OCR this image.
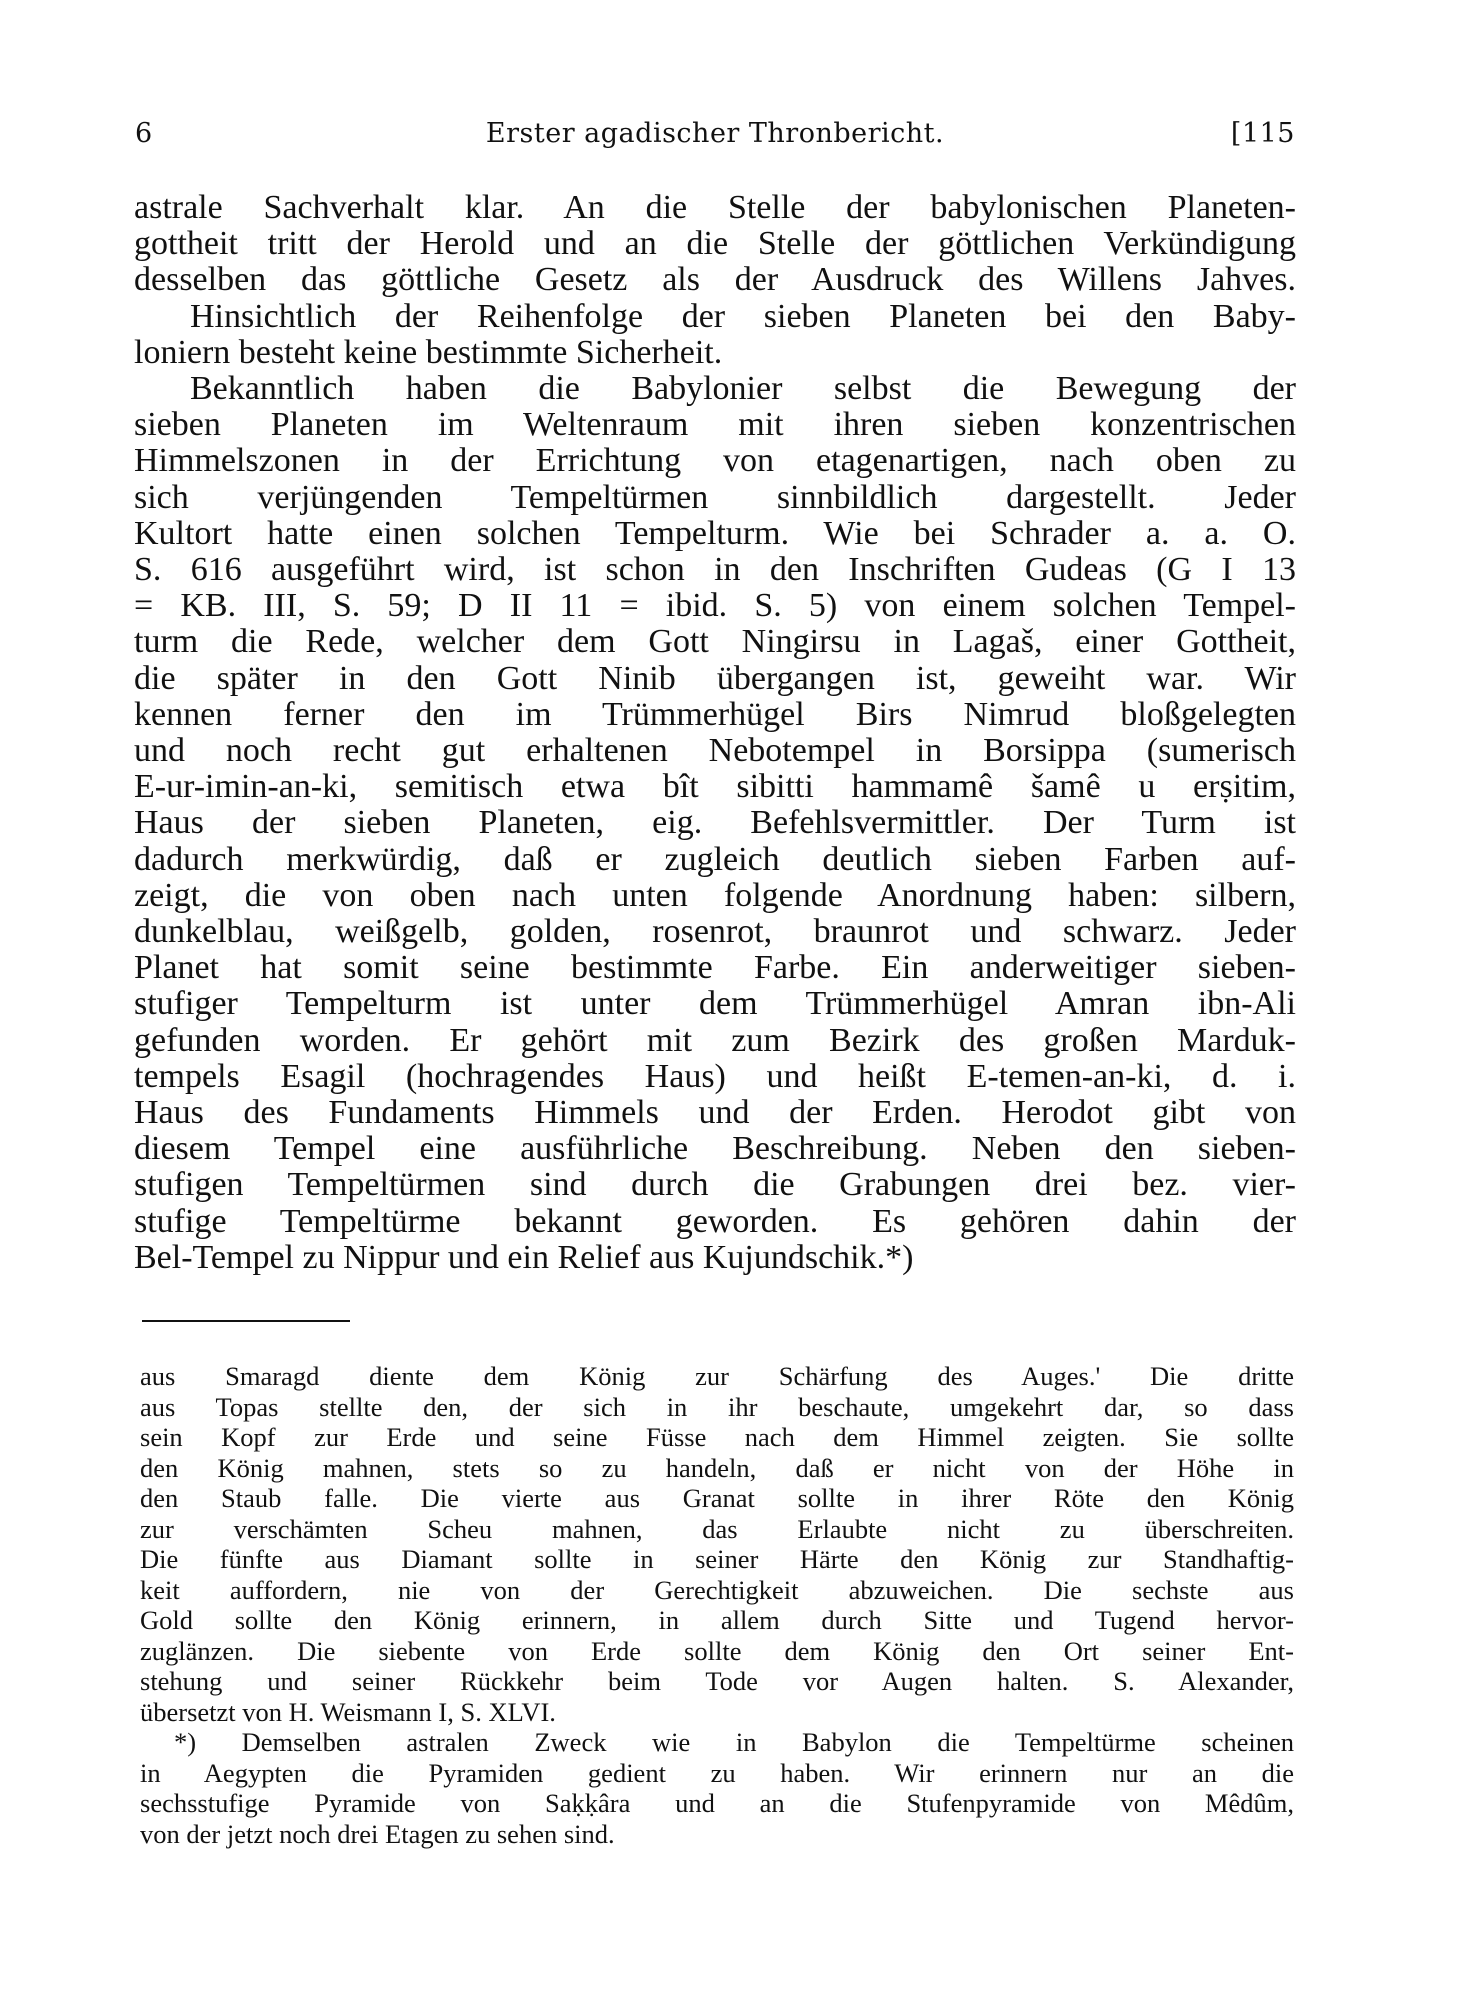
6	Erster agadischer Thronbericht.	[115
astrale Sachverhalt klar. An die Stelle der babylonischen Planeten-
gottheit tritt der Herold und an die Stelle der göttlichen Verkündigung
desselben das göttliche Gesetz als der Ausdruck des Willens Jahves.
Hinsichtlich der Reihenfolge der sieben Planeten bei den Baby-
loniern besteht keine bestimmte Sicherheit.
Bekanntlich haben die Babylonier selbst die Bewegung der
sieben Planeten im Weltenraum mit ihren sieben konzentrischen
Himmelszonen in der Errichtung von etagenartigen, nach oben zu
sich verjüngenden Tempeltürmen sinnbildlich dargestellt. Jeder
Kultort hatte einen solchen Tempelturm. Wie bei Schrader a. a. O.
S. 616 ausgeführt wird, ist schon in den Inschriften Gudeas (G I 13
= KB. III, S. 59; D II 11 = ibid. S. 5) von einem solchen Tempel-
turm die Rede, welcher dem Gott Ningirsu in Lagaš, einer Gottheit,
die später in den Gott Ninib übergangen ist, geweiht war. Wir
kennen ferner den im Trümmerhügel Birs Nimrud bloßgelegten
und noch recht gut erhaltenen Nebotempel in Borsippa (sumerisch
E-ur-imin-an-ki, semitisch etwa bît sibitti hammamê šamê u erṣitim,
Haus der sieben Planeten, eig. Befehlsvermittler. Der Turm ist
dadurch merkwürdig, daß er zugleich deutlich sieben Farben auf-
zeigt, die von oben nach unten folgende Anordnung haben: silbern,
dunkelblau, weißgelb, golden, rosenrot, braunrot und schwarz. Jeder
Planet hat somit seine bestimmte Farbe. Ein anderweitiger sieben-
stufiger Tempelturm ist unter dem Trümmerhügel Amran ibn-Ali
gefunden worden. Er gehört mit zum Bezirk des großen Marduk-
tempels Esagil (hochragendes Haus) und heißt E-temen-an-ki, d. i.
Haus des Fundaments Himmels und der Erden. Herodot gibt von
diesem Tempel eine ausführliche Beschreibung. Neben den sieben-
stufigen Tempeltürmen sind durch die Grabungen drei bez. vier-
stufige Tempeltürme bekannt geworden. Es gehören dahin der
Bel-Tempel zu Nippur und ein Relief aus Kujundschik.*)
aus Smaragd diente dem König zur Schärfung des Auges.' Die dritte
aus Topas stellte den, der sich in ihr beschaute, umgekehrt dar, so dass
sein Kopf zur Erde und seine Füsse nach dem Himmel zeigten. Sie sollte
den König mahnen, stets so zu handeln, daß er nicht von der Höhe in
den Staub falle. Die vierte aus Granat sollte in ihrer Röte den König
zur verschämten Scheu mahnen, das Erlaubte nicht zu überschreiten.
Die fünfte aus Diamant sollte in seiner Härte den König zur Standhaftig-
keit auffordern, nie von der Gerechtigkeit abzuweichen. Die sechste aus
Gold sollte den König erinnern, in allem durch Sitte und Tugend hervor-
zuglänzen. Die siebente von Erde sollte dem König den Ort seiner Ent-
stehung und seiner Rückkehr beim Tode vor Augen halten. S. Alexander,
übersetzt von H. Weismann I, S. XLVI.
*) Demselben astralen Zweck wie in Babylon die Tempeltürme scheinen
in Aegypten die Pyramiden gedient zu haben. Wir erinnern nur an die
sechsstufige Pyramide von Saḳḳâra und an die Stufenpyramide von Mêdûm,
von der jetzt noch drei Etagen zu sehen sind.
